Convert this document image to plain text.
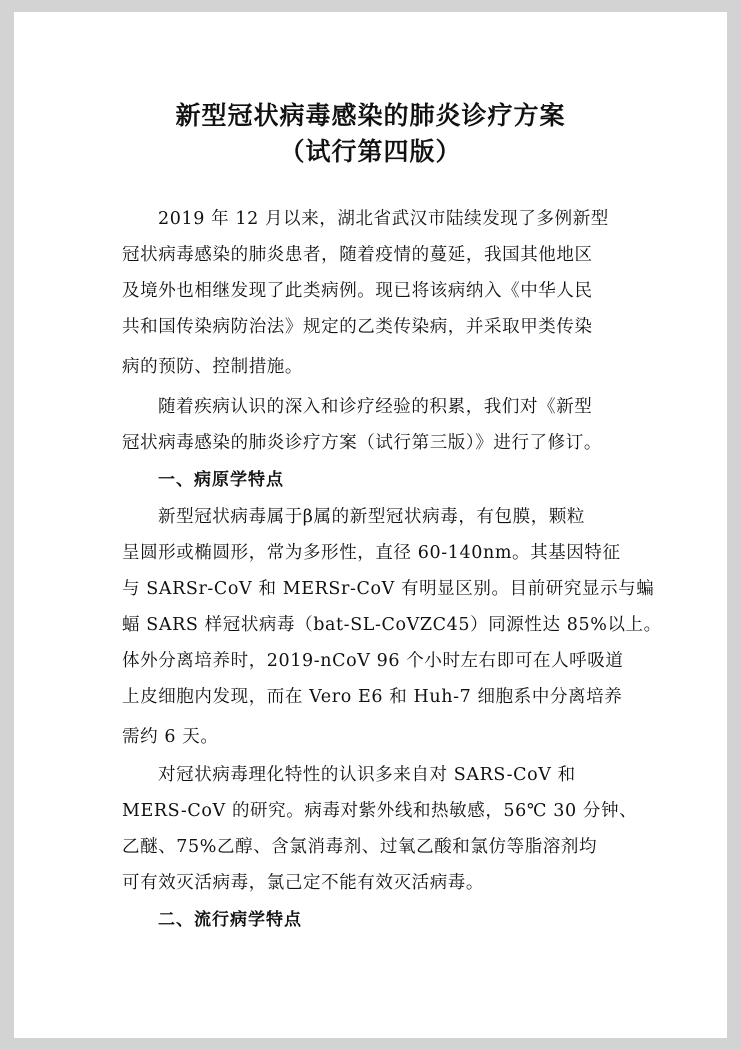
新型冠状病毒感染的肺炎诊疗方案
（试行第四版）
2019 年 12 月以来，湖北省武汉市陆续发现了多例新型
冠状病毒感染的肺炎患者，随着疫情的蔓延，我国其他地区
及境外也相继发现了此类病例。现已将该病纳入《中华人民
共和国传染病防治法》规定的乙类传染病，并采取甲类传染
病的预防、控制措施。
随着疾病认识的深入和诊疗经验的积累，我们对《新型
冠状病毒感染的肺炎诊疗方案（试行第三版）》进行了修订。
一、病原学特点
新型冠状病毒属于β属的新型冠状病毒，有包膜，颗粒
呈圆形或椭圆形，常为多形性，直径 60-140nm。其基因特征
与 SARSr-CoV 和 MERSr-CoV 有明显区别。目前研究显示与蝙
蝠 SARS 样冠状病毒（bat-SL-CoVZC45）同源性达 85%以上。
体外分离培养时，2019-nCoV 96 个小时左右即可在人呼吸道
上皮细胞内发现，而在 Vero E6 和 Huh-7 细胞系中分离培养
需约 6 天。
对冠状病毒理化特性的认识多来自对 SARS-CoV 和
MERS-CoV 的研究。病毒对紫外线和热敏感，56℃ 30 分钟、
乙醚、75%乙醇、含氯消毒剂、过氧乙酸和氯仿等脂溶剂均
可有效灭活病毒，氯己定不能有效灭活病毒。
二、流行病学特点
